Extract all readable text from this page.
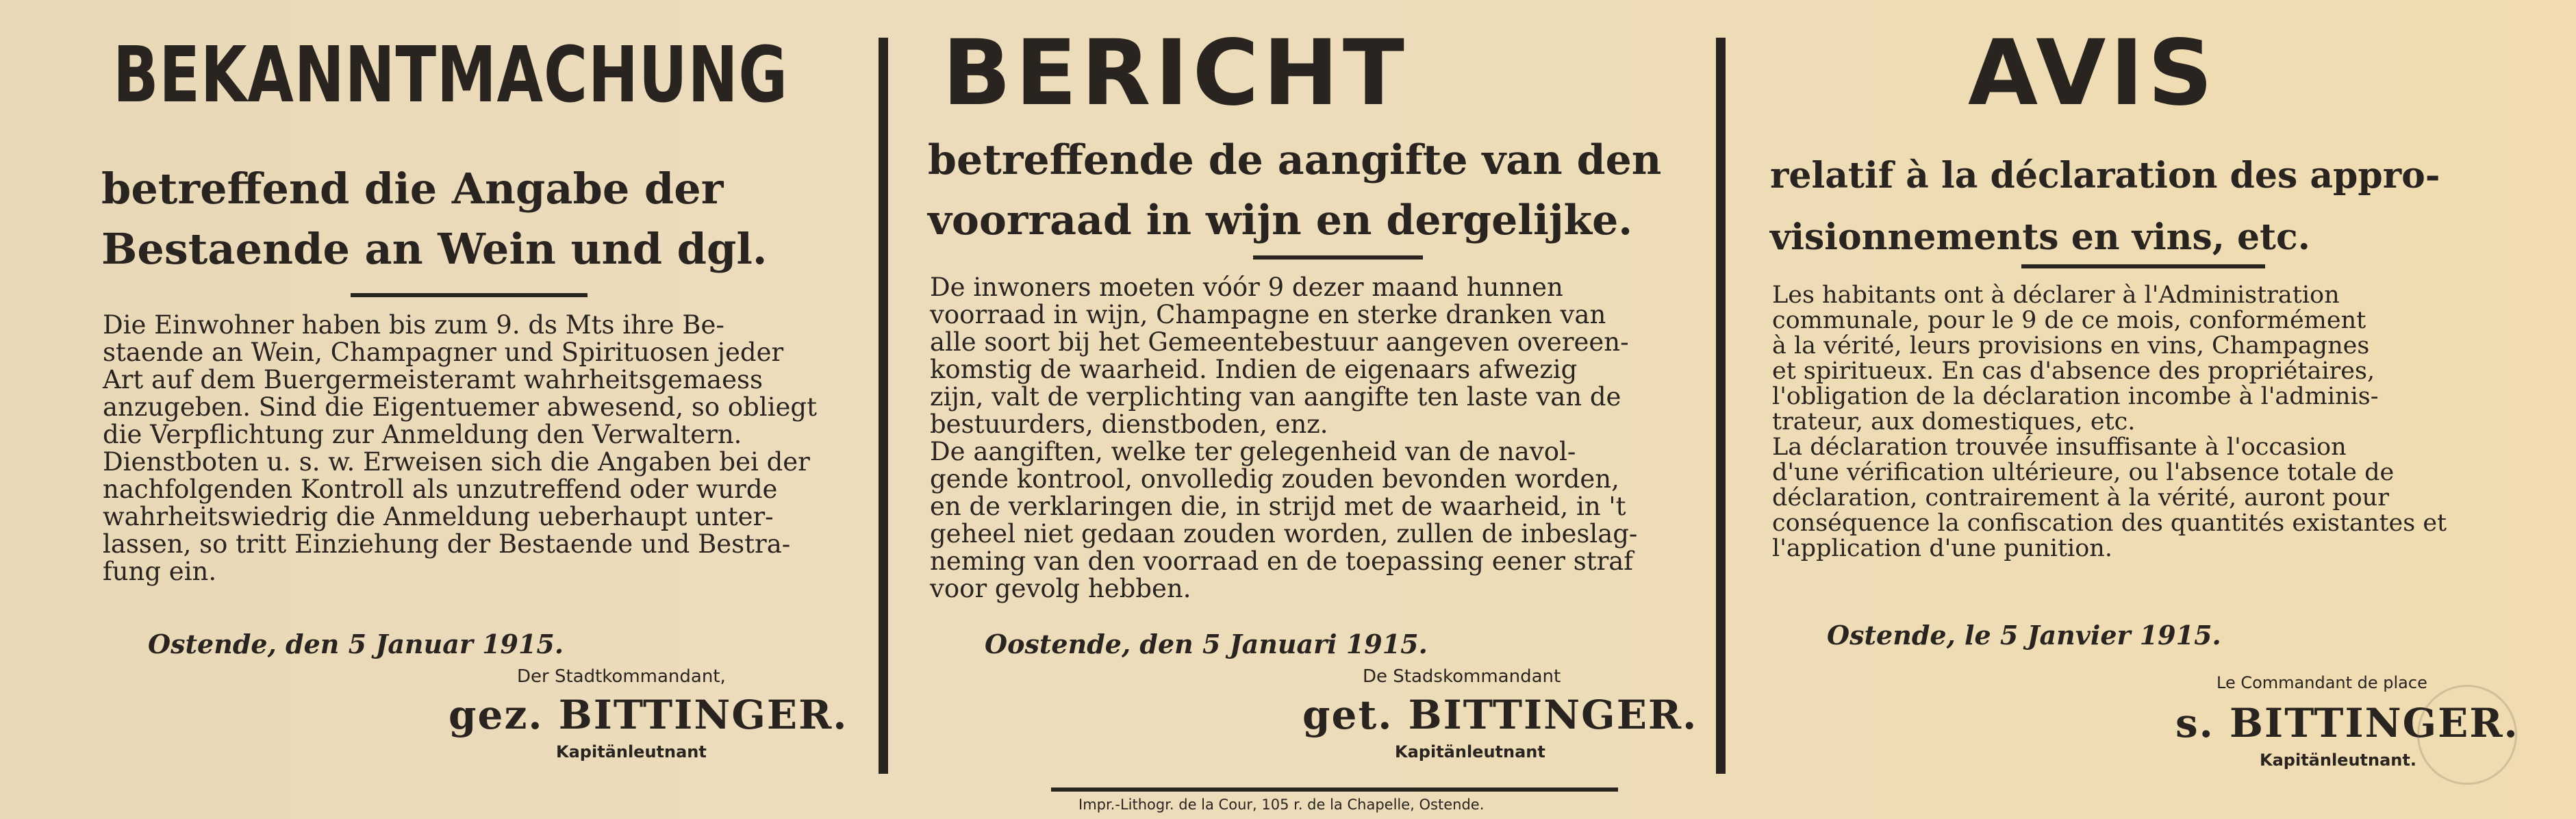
BEKANNTMACHUNG

betreffend die Angabe der
Bestaende an Wein und dgl.

Die Einwohner haben bis zum 9. ds Mts ihre Be-
staende an Wein, Champagner und Spirituosen jeder
Art auf dem Buergermeisteramt wahrheitsgemaess
anzugeben. Sind die Eigentuemer abwesend, so obliegt
die Verpflichtung zur Anmeldung den Verwaltern.
Dienstboten u. s. w. Erweisen sich die Angaben bei der
nachfolgenden Kontroll als unzutreffend oder wurde
wahrheitswiedrig die Anmeldung ueberhaupt unter-
lassen, so tritt Einziehung der Bestaende und Bestra-
fung ein.

Ostende, den 5 Januar 1915.

Der Stadtkommandant,

gez. BITTINGER.

Kapitänleutnant

BERICHT

betreffende de aangifte van den
voorraad in wijn en dergelijke.

De inwoners moeten vóór 9 dezer maand hunnen
voorraad in wijn, Champagne en sterke dranken van
alle soort bij het Gemeentebestuur aangeven overeen-
komstig de waarheid. Indien de eigenaars afwezig
zijn, valt de verplichting van aangifte ten laste van de
bestuurders, dienstboden, enz.
De aangiften, welke ter gelegenheid van de navol-
gende kontrool, onvolledig zouden bevonden worden,
en de verklaringen die, in strijd met de waarheid, in 't
geheel niet gedaan zouden worden, zullen de inbeslag-
neming van den voorraad en de toepassing eener straf
voor gevolg hebben.

Oostende, den 5 Januari 1915.

De Stadskommandant

get. BITTINGER.

Kapitänleutnant

AVIS

relatif à la déclaration des appro-
visionnements en vins, etc.

Les habitants ont à déclarer à l'Administration
communale, pour le 9 de ce mois, conformément
à la vérité, leurs provisions en vins, Champagnes
et spiritueux. En cas d'absence des propriétaires,
l'obligation de la déclaration incombe à l'adminis-
trateur, aux domestiques, etc.
La déclaration trouvée insuffisante à l'occasion
d'une vérification ultérieure, ou l'absence totale de
déclaration, contrairement à la vérité, auront pour
conséquence la confiscation des quantités existantes et
l'application d'une punition.

Ostende, le 5 Janvier 1915.

Le Commandant de place

s. BITTINGER.

Kapitänleutnant.

Impr.-Lithogr. de la Cour, 105 r. de la Chapelle, Ostende.
